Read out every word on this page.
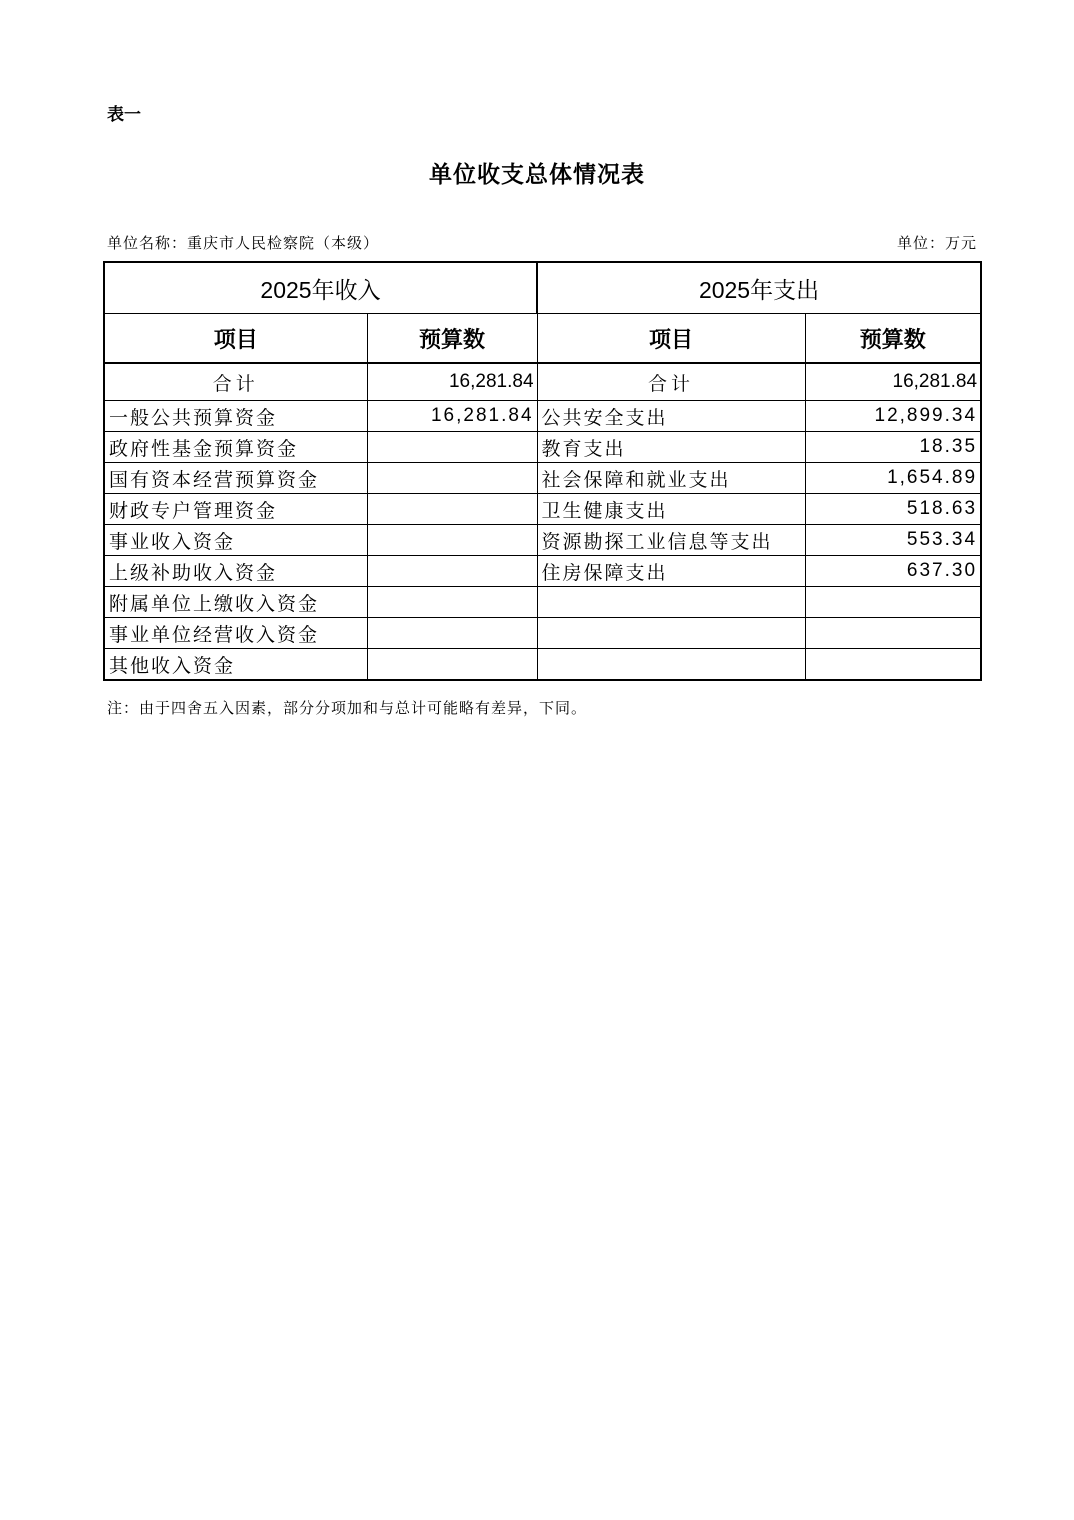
表一
单位收支总体情况表
单位名称：重庆市人民检察院（本级）	单位：万元
2025年收入		2025年支出	
项目	预算数	项目	预算数
合计	16,281.84	合计	16,281.84
一般公共预算资金	16,281.84	公共安全支出	12,899.34
政府性基金预算资金		教育支出	18.35
国有资本经营预算资金		社会保障和就业支出	1,654.89
财政专户管理资金		卫生健康支出	518.63
事业收入资金		资源勘探工业信息等支出	553.34
上级补助收入资金		住房保障支出	637.30
附属单位上缴收入资金			
事业单位经营收入资金			
其他收入资金			
注：由于四舍五入因素，部分分项加和与总计可能略有差异，下同。
